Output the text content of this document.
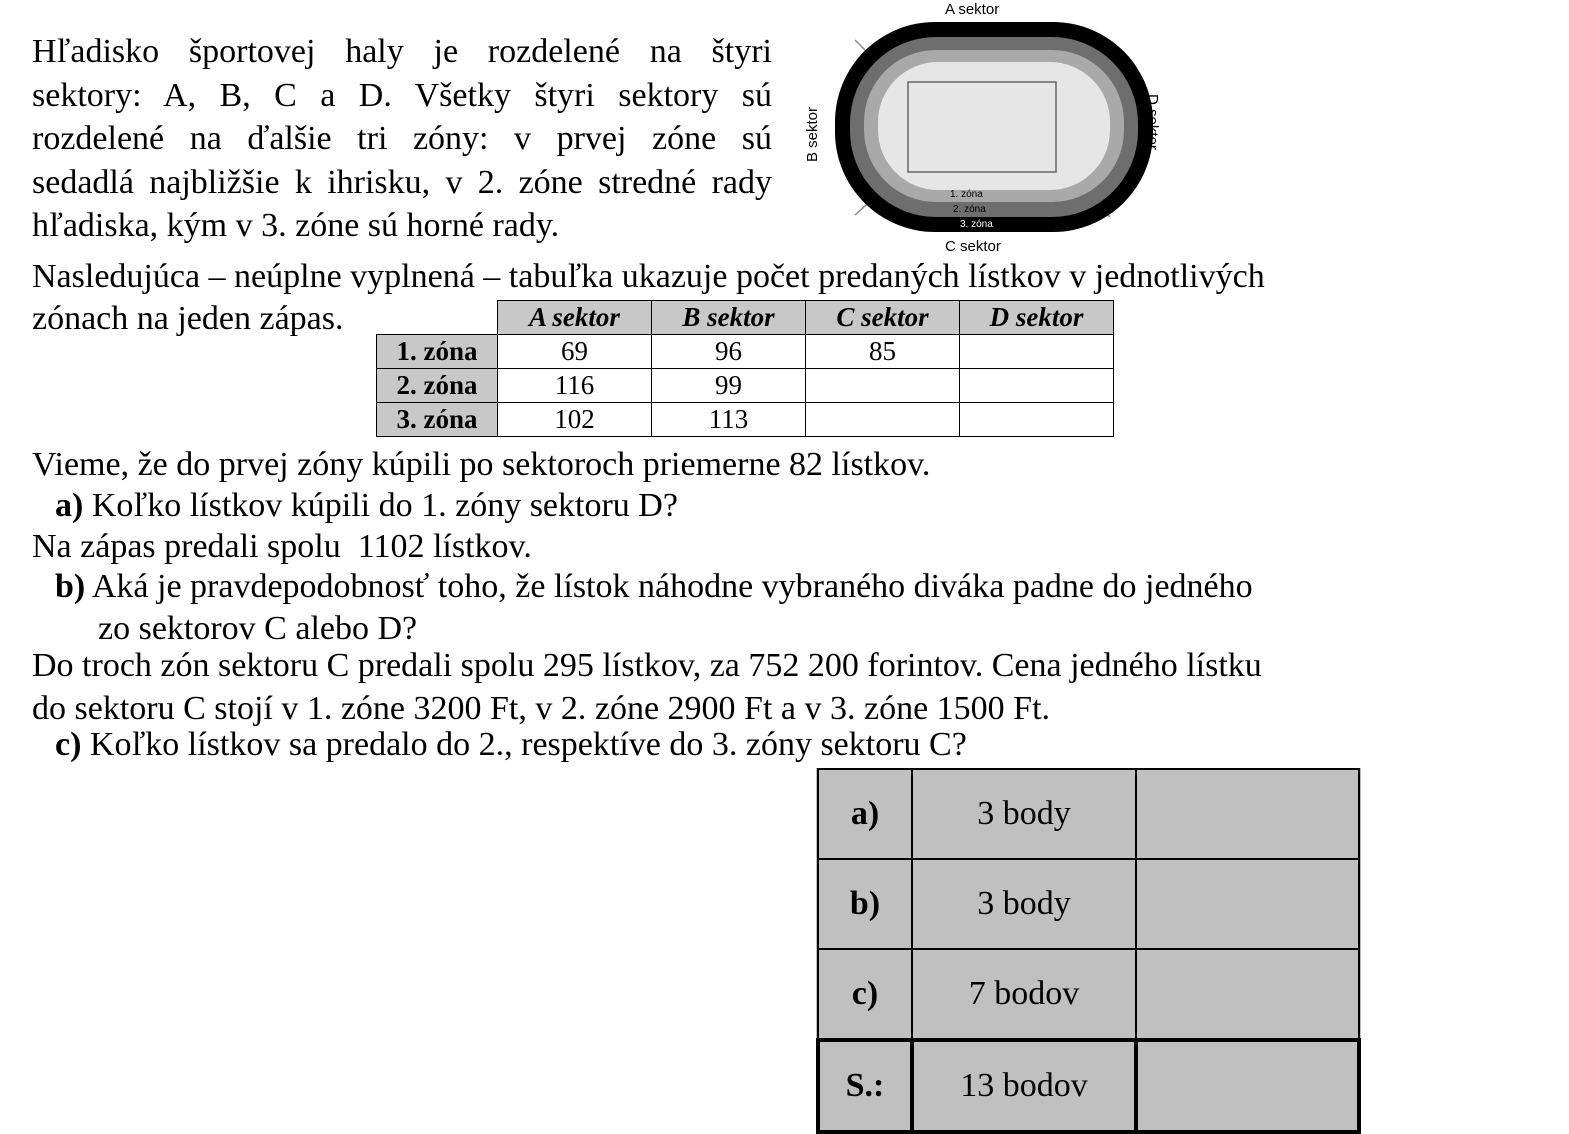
Hľadisko športovej haly je rozdelené na štyri
sektory: A, B, C a D. Všetky štyri sektory sú
rozdelené na ďalšie tri zóny: v prvej zóne sú
sedadlá najbližšie k ihrisku, v 2. zóne stredné rady
hľadiska, kým v 3. zóne sú horné rady.
1. zóna
2. zóna
3. zóna
A sektor
C sektor
B sektor	D sektor
Nasledujúca – neúplne vyplnená – tabuľka ukazuje počet predaných lístkov v jednotlivých
zónach na jeden zápas.
		A sektor	B sektor	C sektor	D sektor
1. zóna	69	96	85	
2. zóna	116	99		
3. zóna	102	113		
Vieme, že do prvej zóny kúpili po sektoroch priemerne 82 lístkov.
a) Koľko lístkov kúpili do 1. zóny sektoru D?
Na zápas predali spolu  1102 lístkov.
b) Aká je pravdepodobnosť toho, že lístok náhodne vybraného diváka padne do jedného
zo sektorov C alebo D?
Do troch zón sektoru C predali spolu 295 lístkov, za 752 200 forintov. Cena jedného lístku
do sektoru C stojí v 1. zóne 3200 Ft, v 2. zóne 2900 Ft a v 3. zóne 1500 Ft.
c) Koľko lístkov sa predalo do 2., respektíve do 3. zóny sektoru C?
a)	3 body	
b)	3 body	
c)	7 bodov	
S.:	13 bodov	
